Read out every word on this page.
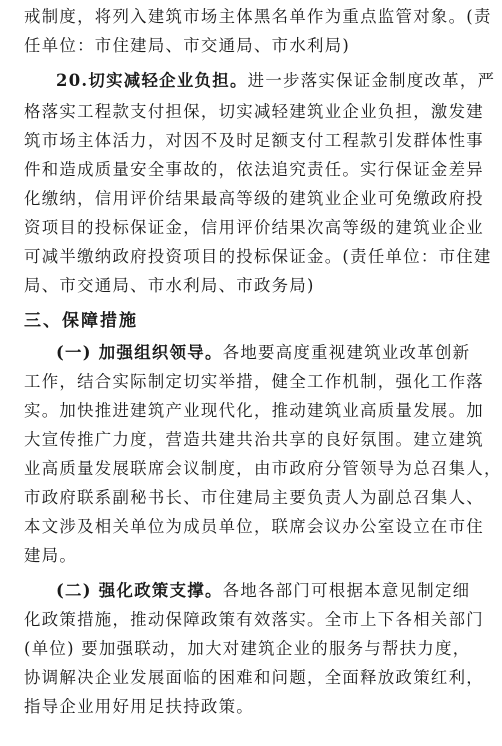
戒制度，将列入建筑市场主体黑名单作为重点监管对象。(责
任单位：市住建局、市交通局、市水利局)
20.切实减轻企业负担。进一步落实保证金制度改革，严
格落实工程款支付担保，切实减轻建筑业企业负担，激发建
筑市场主体活力，对因不及时足额支付工程款引发群体性事
件和造成质量安全事故的，依法追究责任。实行保证金差异
化缴纳，信用评价结果最高等级的建筑业企业可免缴政府投
资项目的投标保证金，信用评价结果次高等级的建筑业企业
可减半缴纳政府投资项目的投标保证金。(责任单位：市住建
局、市交通局、市水利局、市政务局)
三、保障措施
(一) 加强组织领导。各地要高度重视建筑业改革创新
工作，结合实际制定切实举措，健全工作机制，强化工作落
实。加快推进建筑产业现代化，推动建筑业高质量发展。加
大宣传推广力度，营造共建共治共享的良好氛围。建立建筑
业高质量发展联席会议制度，由市政府分管领导为总召集人，
市政府联系副秘书长、市住建局主要负责人为副总召集人、
本文涉及相关单位为成员单位，联席会议办公室设立在市住
建局。
(二) 强化政策支撑。各地各部门可根据本意见制定细
化政策措施，推动保障政策有效落实。全市上下各相关部门
(单位) 要加强联动，加大对建筑企业的服务与帮扶力度，
协调解决企业发展面临的困难和问题，全面释放政策红利，
指导企业用好用足扶持政策。
